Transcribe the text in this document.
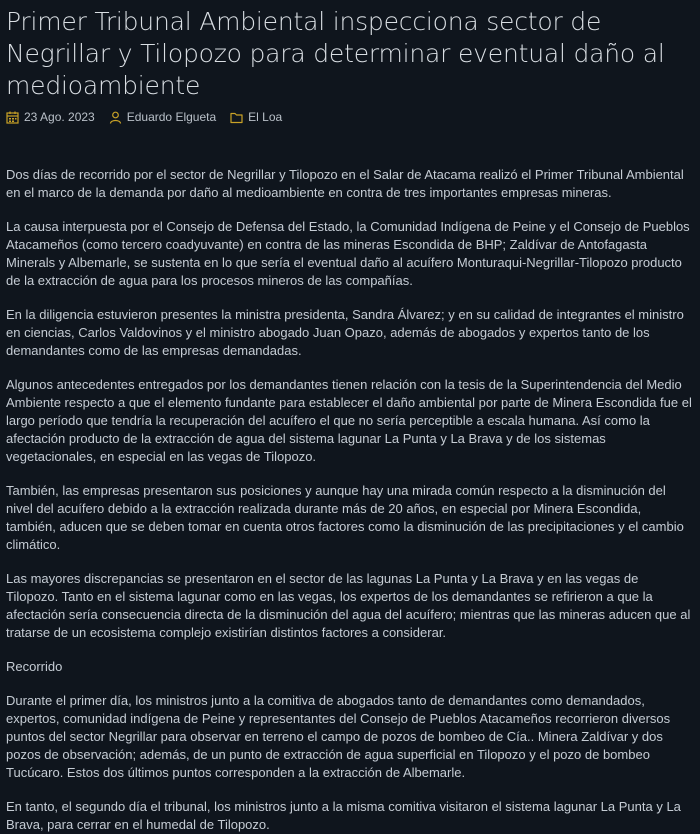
Primer Tribunal Ambiental inspecciona sector de Negrillar y Tilopozo para determinar eventual daño al medioambiente
23 Ago. 2023	Eduardo Elgueta	El Loa

Dos días de recorrido por el sector de Negrillar y Tilopozo en el Salar de Atacama realizó el Primer Tribunal Ambiental en el marco de la demanda por daño al medioambiente en contra de tres importantes empresas mineras.

La causa interpuesta por el Consejo de Defensa del Estado, la Comunidad Indígena de Peine y el Consejo de Pueblos Atacameños (como tercero coadyuvante) en contra de las mineras Escondida de BHP; Zaldívar de Antofagasta Minerals y Albemarle, se sustenta en lo que sería el eventual daño al acuífero Monturaqui-Negrillar-Tilopozo producto de la extracción de agua para los procesos mineros de las compañías.

En la diligencia estuvieron presentes la ministra presidenta, Sandra Álvarez; y en su calidad de integrantes el ministro en ciencias, Carlos Valdovinos y el ministro abogado Juan Opazo, además de abogados y expertos tanto de los demandantes como de las empresas demandadas.

Algunos antecedentes entregados por los demandantes tienen relación con la tesis de la Superintendencia del Medio Ambiente respecto a que el elemento fundante para establecer el daño ambiental por parte de Minera Escondida fue el largo período que tendría la recuperación del acuífero el que no sería perceptible a escala humana. Así como la afectación producto de la extracción de agua del sistema lagunar La Punta y La Brava y de los sistemas vegetacionales, en especial en las vegas de Tilopozo.

También, las empresas presentaron sus posiciones y aunque hay una mirada común respecto a la disminución del nivel del acuífero debido a la extracción realizada durante más de 20 años, en especial por Minera Escondida, también, aducen que se deben tomar en cuenta otros factores como la disminución de las precipitaciones y el cambio climático.

Las mayores discrepancias se presentaron en el sector de las lagunas La Punta y La Brava y en las vegas de Tilopozo. Tanto en el sistema lagunar como en las vegas, los expertos de los demandantes se refirieron a que la afectación sería consecuencia directa de la disminución del agua del acuífero; mientras que las mineras aducen que al tratarse de un ecosistema complejo existirían distintos factores a considerar.

Recorrido

Durante el primer día, los ministros junto a la comitiva de abogados tanto de demandantes como demandados, expertos, comunidad indígena de Peine y representantes del Consejo de Pueblos Atacameños recorrieron diversos puntos del sector Negrillar para observar en terreno el campo de pozos de bombeo de Cía.. Minera Zaldívar y dos pozos de observación; además, de un punto de extracción de agua superficial en Tilopozo y el pozo de bombeo Tucúcaro. Estos dos últimos puntos corresponden a la extracción de Albemarle.

En tanto, el segundo día el tribunal, los ministros junto a la misma comitiva visitaron el sistema lagunar La Punta y La Brava, para cerrar en el humedal de Tilopozo.
